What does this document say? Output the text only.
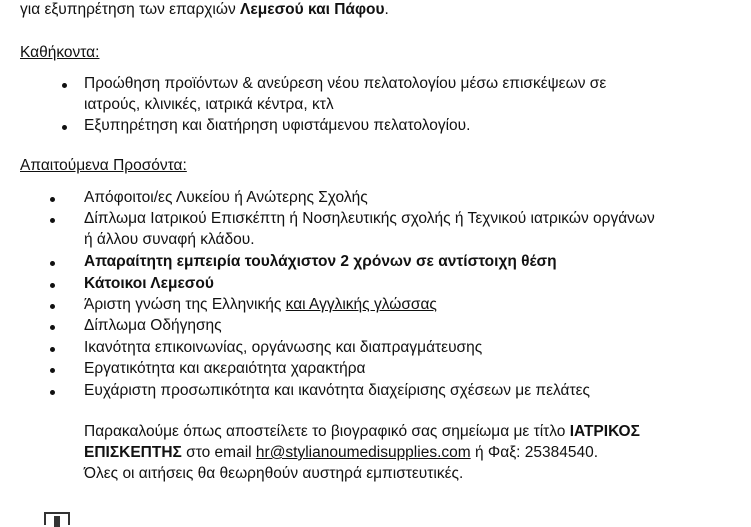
για εξυπηρέτηση των επαρχιών Λεμεσού και Πάφου.
Καθήκοντα:
Προώθηση προϊόντων & ανεύρεση νέου πελατολογίου μέσω επισκέψεων σε
ιατρούς, κλινικές, ιατρικά κέντρα, κτλ
Εξυπηρέτηση και διατήρηση υφιστάμενου πελατολογίου.
Απαιτούμενα Προσόντα:
Απόφοιτοι/ες Λυκείου ή Ανώτερης Σχολής
Δίπλωμα Ιατρικού Επισκέπτη ή Νοσηλευτικής σχολής ή Τεχνικού ιατρικών οργάνων
ή άλλου συναφή κλάδου.
Απαραίτητη εμπειρία τουλάχιστον 2 χρόνων σε αντίστοιχη θέση
Κάτοικοι Λεμεσού
Άριστη γνώση της Ελληνικής και Αγγλικής γλώσσας
Δίπλωμα Οδήγησης
Ικανότητα επικοινωνίας, οργάνωσης και διαπραγμάτευσης
Εργατικότητα και ακεραιότητα χαρακτήρα
Ευχάριστη προσωπικότητα και ικανότητα διαχείρισης σχέσεων με πελάτες
Παρακαλούμε όπως αποστείλετε το βιογραφικό σας σημείωμα με τίτλο ΙΑΤΡΙΚΟΣ
ΕΠΙΣΚΕΠΤΗΣ στο email hr@stylianoumedisupplies.com ή Φαξ: 25384540.
Όλες οι αιτήσεις θα θεωρηθούν αυστηρά εμπιστευτικές.
